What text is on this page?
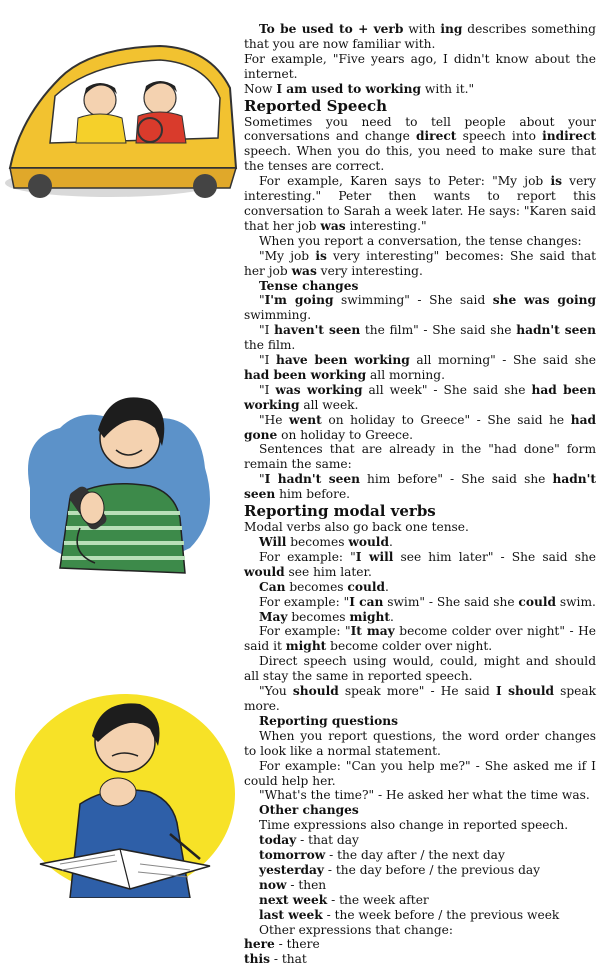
To be used to + verb with ing describes something that you are now familiar with.

For example, "Five years ago, I didn't know about the internet.

Now I am used to working with it."

Reported Speech

Sometimes you need to tell people about your conversations and change direct speech into indirect speech. When you do this, you need to make sure that the tenses are correct.

For example, Karen says to Peter: "My job is very interesting." Peter then wants to report this conversation to Sarah a week later. He says: "Karen said that her job was interesting."

When you report a conversation, the tense changes:

"My job is very interesting" becomes: She said that her job was very interesting.

Tense changes

"I'm going swimming" - She said she was going swimming.

"I haven't seen the film" - She said she hadn't seen the film.

"I have been working all morning" - She said she had been working all morning.

"I was working all week" - She said she had been working all week.

"He went on holiday to Greece" - She said he had gone on holiday to Greece.

Sentences that are already in the "had done" form remain the same:

"I hadn't seen him before" - She said she hadn't seen him before.

Reporting modal verbs

Modal verbs also go back one tense.

Will becomes would.

For example: "I will see him later" - She said she would see him later.

Can becomes could.

For example: "I can swim" - She said she could swim.

May becomes might.

For example: "It may become colder over night" - He said it might become colder over night.

Direct speech using would, could, might and should all stay the same in reported speech.

"You should speak more" - He said I should speak more.

Reporting questions

When you report questions, the word order changes to look like a normal statement.

For example: "Can you help me?" - She asked me if I could help her.

"What's the time?" - He asked her what the time was.

Other changes

Time expressions also change in reported speech.

today - that day

tomorrow - the day after / the next day

yesterday - the day before / the previous day

now - then

next week - the week after

last week - the week before / the previous week

Other expressions that change:

here - there

this - that
